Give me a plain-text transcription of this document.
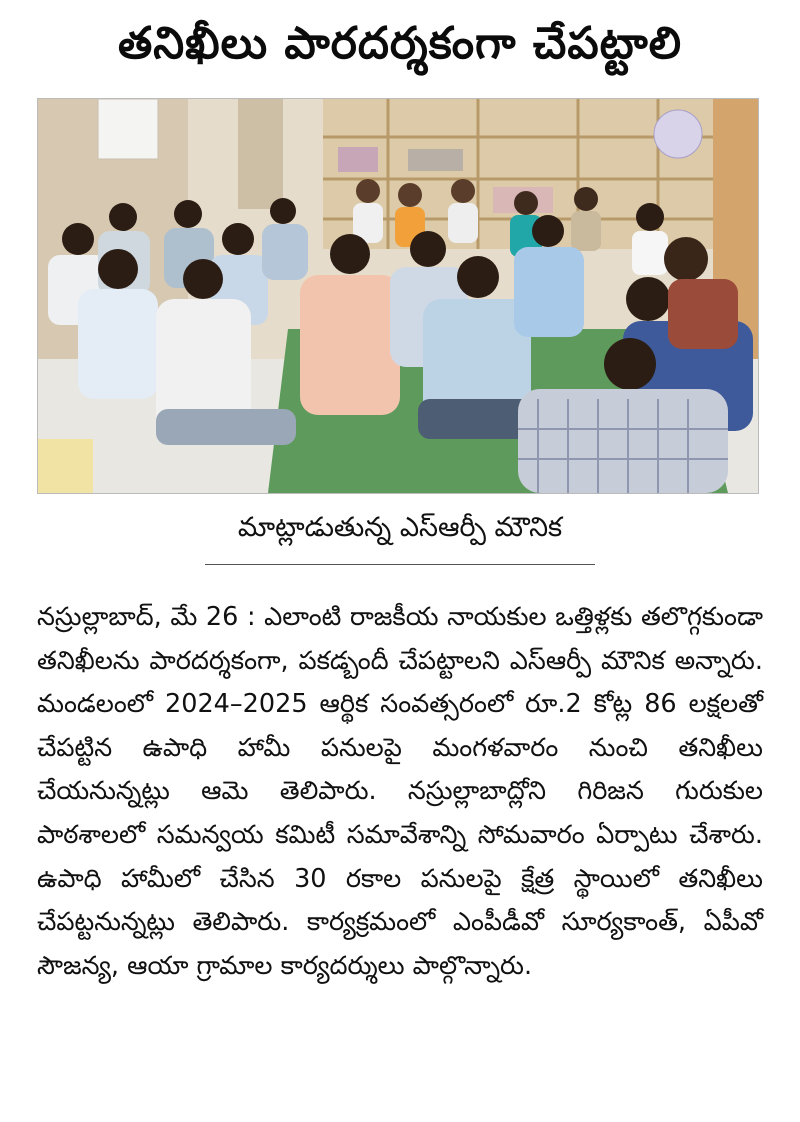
తనిఖీలు పారదర్శకంగా చేపట్టాలి
మాట్లాడుతున్న ఎస్ఆర్పీ మౌనిక

నస్రుల్లాబాద్, మే 26 : ఎలాంటి రాజకీయ నాయకుల ఒత్తిళ్లకు తలొగ్గకుండా తనిఖీలను పారదర్శకంగా, పకడ్బందీ చేపట్టాలని ఎస్ఆర్పీ మౌనిక అన్నారు. మండలంలో 2024–2025 ఆర్థిక సంవత్సరంలో రూ.2 కోట్ల 86 లక్షలతో చేపట్టిన ఉపాధి హామీ పనులపై మంగళవారం నుంచి తనిఖీలు చేయనున్నట్లు ఆమె తెలిపారు. నస్రుల్లాబాద్లోని గిరిజన గురుకుల పాఠశాలలో సమన్వయ కమిటీ సమావేశాన్ని సోమవారం ఏర్పాటు చేశారు. ఉపాధి హామీలో చేసిన 30 రకాల పనులపై క్షేత్ర స్థాయిలో తనిఖీలు చేపట్టనున్నట్లు తెలిపారు. కార్యక్రమంలో ఎంపీడీవో సూర్యకాంత్, ఏపీవో సౌజన్య, ఆయా గ్రామాల కార్యదర్శులు పాల్గొన్నారు.
